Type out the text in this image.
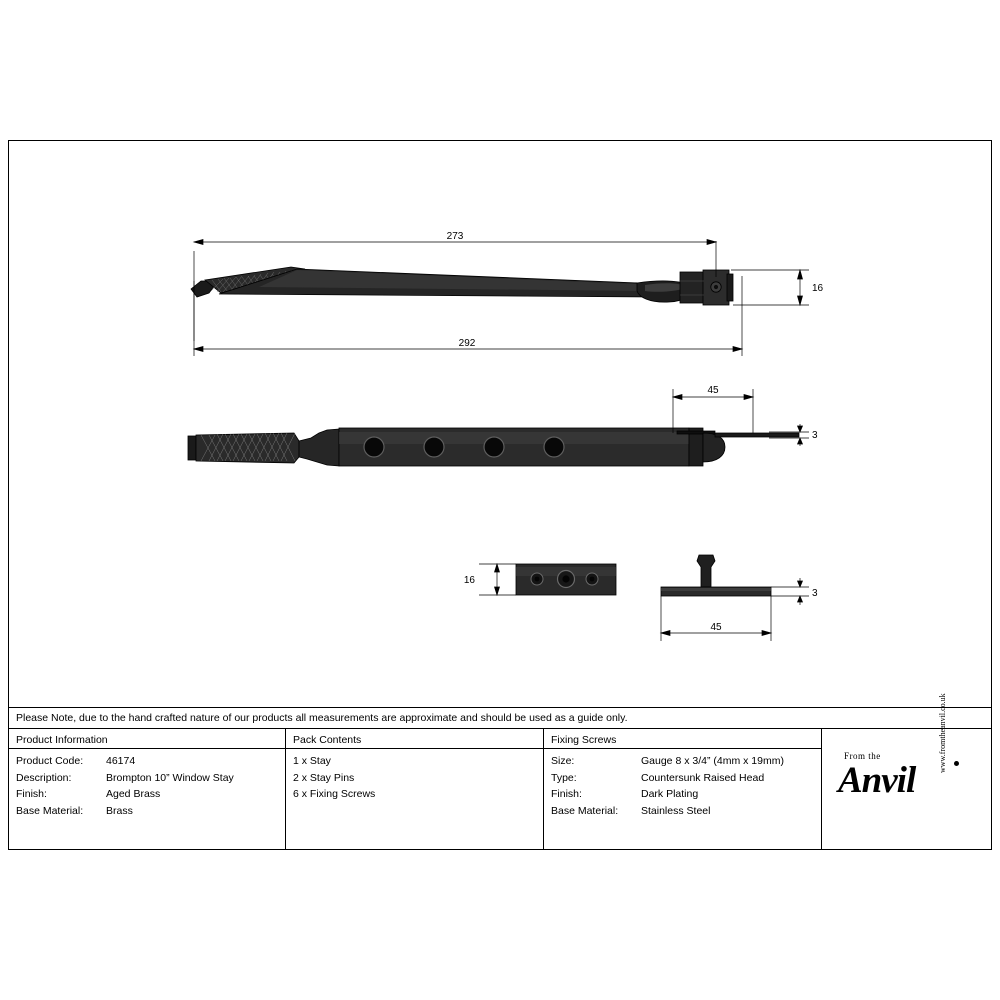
273
292
16
45
3
16
3
45
Please Note, due to the hand crafted nature of our products all measurements are approximate and should be used as a guide only.
Product Information
Product Code:	46174
Description:	Brompton 10” Window Stay
Finish:	Aged Brass
Base Material:	Brass
Pack Contents
1 x Stay
2 x Stay Pins
6 x Fixing Screws
Fixing Screws
Size:	Gauge 8 x 3/4” (4mm x 19mm)
Type:	Countersunk Raised Head
Finish:	Dark Plating
Base Material:	Stainless Steel
From the
Anvil
www.fromtheanvil.co.uk
